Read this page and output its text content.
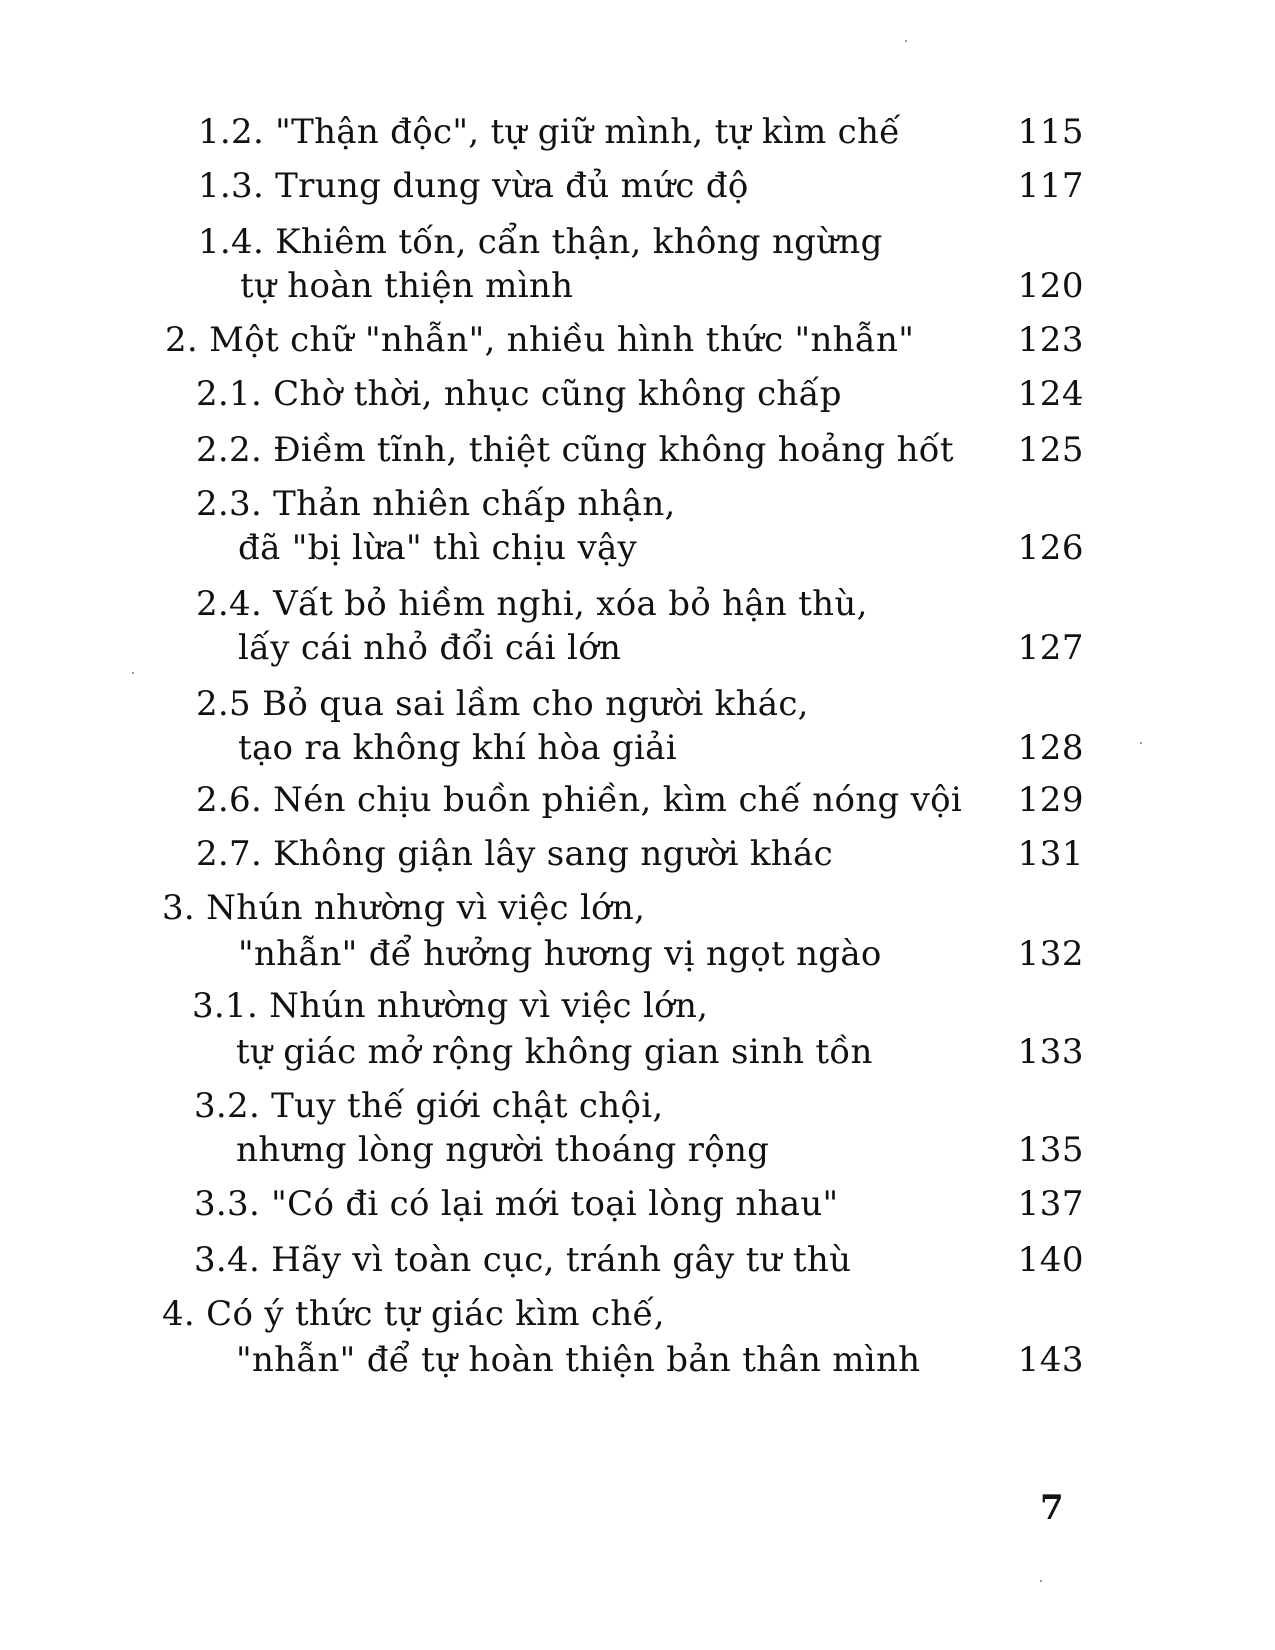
1.2. "Thận độc", tự giữ mình, tự kìm chế	115
1.3. Trung dung vừa đủ mức độ	117
1.4. Khiêm tốn, cẩn thận, không ngừng
tự hoàn thiện mình	120
2. Một chữ "nhẫn", nhiều hình thức "nhẫn"	123
2.1. Chờ thời, nhục cũng không chấp	124
2.2. Điềm tĩnh, thiệt cũng không hoảng hốt 125
2.3. Thản nhiên chấp nhận,
đã "bị lừa" thì chịu vậy	126
2.4. Vất bỏ hiềm nghi, xóa bỏ hận thù,
lấy cái nhỏ đổi cái lớn	127
2.5 Bỏ qua sai lầm cho người khác,
tạo ra không khí hòa giải	128
2.6. Nén chịu buồn phiền, kìm chế nóng vội 129
2.7. Không giận lây sang người khác	131
3. Nhún nhường vì việc lớn,
"nhẫn" để hưởng hương vị ngọt ngào	132
3.1. Nhún nhường vì việc lớn,
tự giác mở rộng không gian sinh tồn	133
3.2. Tuy thế giới chật chội,
nhưng lòng người thoáng rộng	135
3.3. "Có đi có lại mới toại lòng nhau"	137
3.4. Hãy vì toàn cục, tránh gây tư thù	140
4. Có ý thức tự giác kìm chế,
"nhẫn" để tự hoàn thiện bản thân mình	143
7
